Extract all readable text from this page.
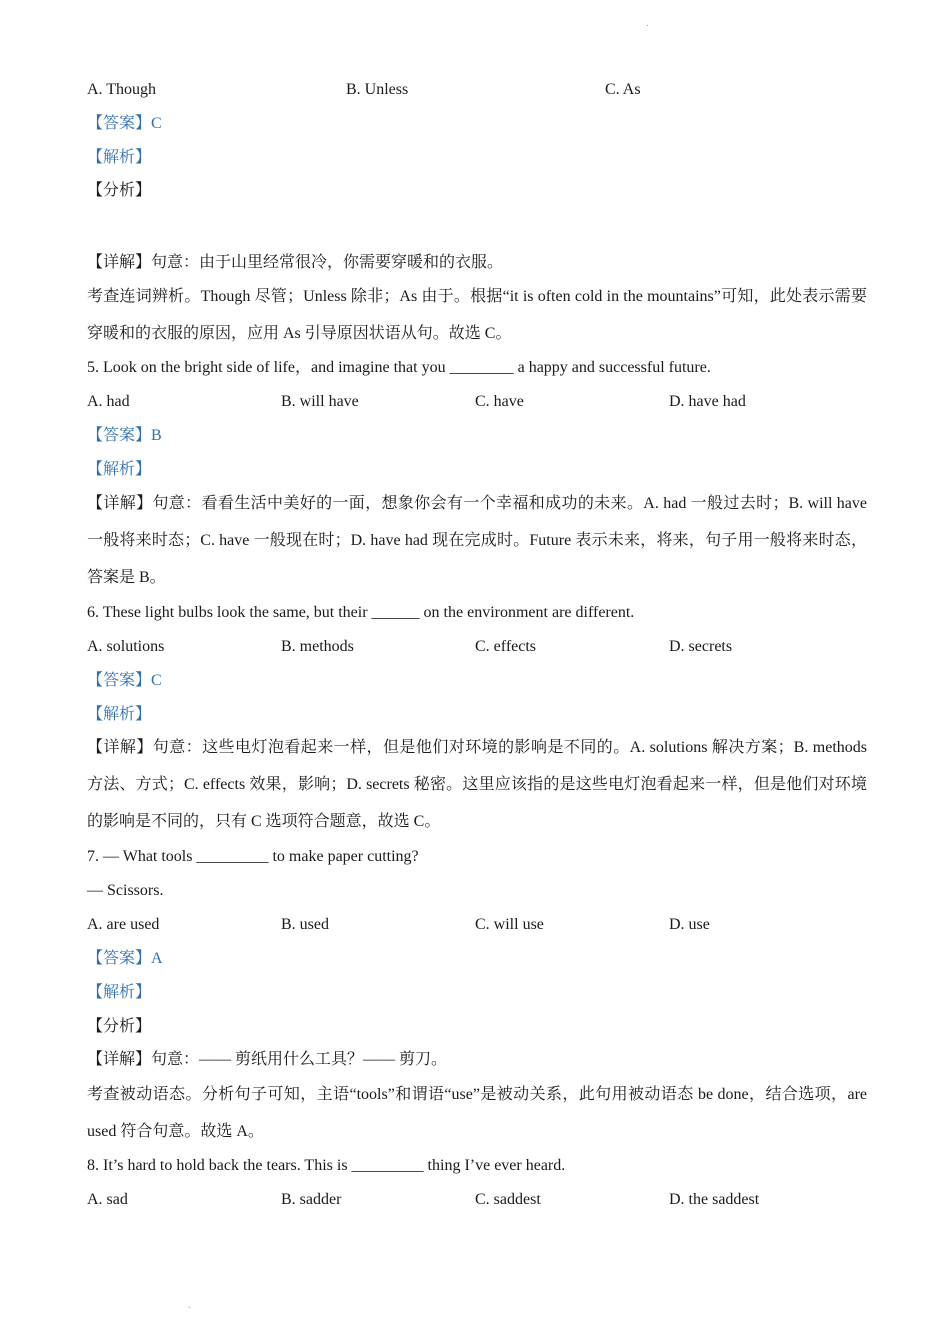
.
A. Though	B. Unless	C. As
【答案】C
【解析】
【分析】
【详解】句意：由于山里经常很冷，你需要穿暖和的衣服。
考查连词辨析。Though 尽管；Unless 除非；As 由于。根据“it is often cold in the mountains”可知，此处表示需要穿暖和的衣服的原因，应用 As 引导原因状语从句。故选 C。
5. Look on the bright side of life，and imagine that you ________ a happy and successful future.
A. had	B. will have	C. have	D. have had
【答案】B
【解析】
【详解】句意：看看生活中美好的一面，想象你会有一个幸福和成功的未来。A. had 一般过去时；B. will have 一般将来时态；C. have 一般现在时；D. have had 现在完成时。Future 表示未来，将来，句子用一般将来时态，答案是 B。
6. These light bulbs look the same, but their ______ on the environment are different.
A. solutions	B. methods	C. effects	D. secrets
【答案】C
【解析】
【详解】句意：这些电灯泡看起来一样，但是他们对环境的影响是不同的。A. solutions 解决方案；B. methods 方法、方式；C. effects 效果，影响；D. secrets 秘密。这里应该指的是这些电灯泡看起来一样，但是他们对环境的影响是不同的，只有 C 选项符合题意，故选 C。
7. — What tools _________ to make paper cutting?
— Scissors.
A. are used	B. used	C. will use	D. use
【答案】A
【解析】
【分析】
【详解】句意：—— 剪纸用什么工具？—— 剪刀。
考查被动语态。分析句子可知，主语“tools”和谓语“use”是被动关系，此句用被动语态 be done，结合选项，are used 符合句意。故选 A。
8. It’s hard to hold back the tears. This is _________ thing I’ve ever heard.
A. sad	B. sadder	C. saddest	D. the saddest
.
